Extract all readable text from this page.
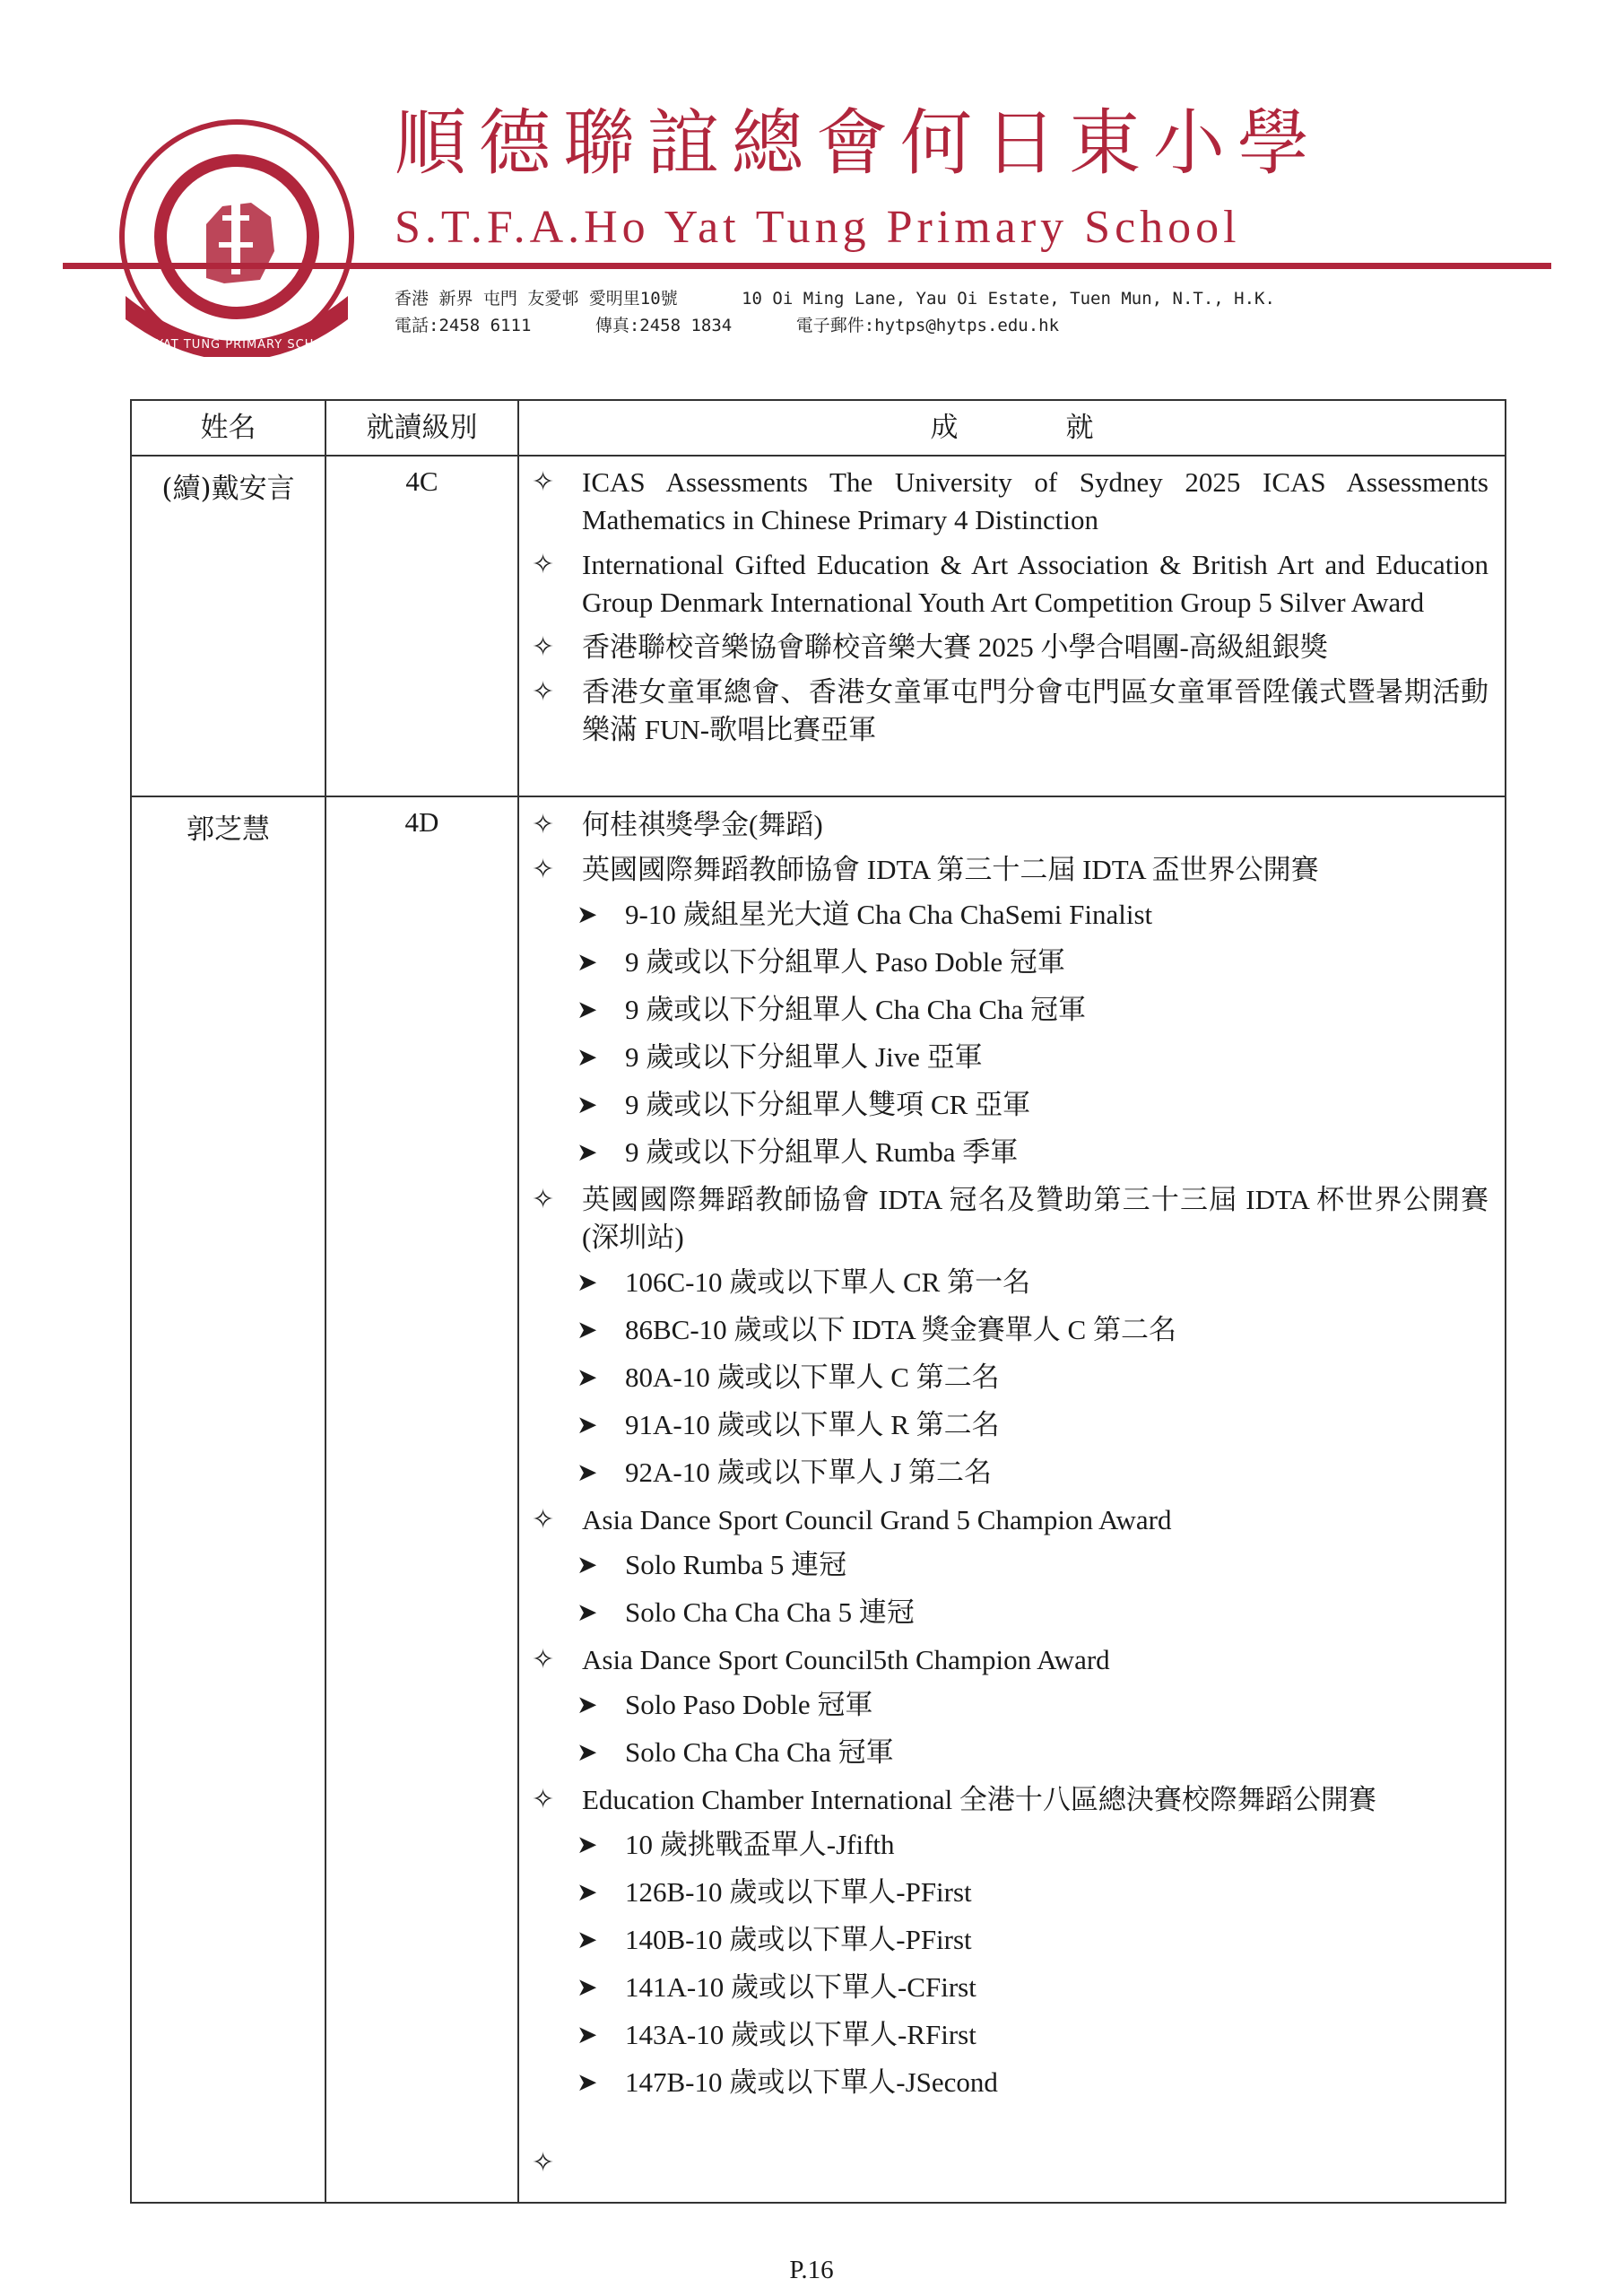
HO YAT TUNG PRIMARY SCHOOL
順德聯誼總會何日東小學
S.T.F.A.Ho Yat Tung Primary School
香港 新界 屯門 友愛邨 愛明里10號	10 Oi Ming Lane, Yau Oi Estate, Tuen Mun, N.T., H.K.
電話:2458 6111	傳真:2458 1834	電子郵件:hytps@hytps.edu.hk
姓名	就讀級別	成就
(續)戴安言	4C	✧ ICAS Assessments The University of Sydney 2025 ICAS Assessments Mathematics in Chinese Primary 4 Distinction
✧ International Gifted Education & Art Association & British Art and Education Group Denmark International Youth Art Competition Group 5 Silver Award
✧ 香港聯校音樂協會聯校音樂大賽 2025 小學合唱團-高級組銀獎
✧ 香港女童軍總會、香港女童軍屯門分會屯門區女童軍晉陞儀式暨暑期活動樂滿 FUN-歌唱比賽亞軍
郭芝慧	4D	✧ 何桂祺獎學金(舞蹈)
✧ 英國國際舞蹈教師協會 IDTA 第三十二屆 IDTA 盃世界公開賽
➤ 9-10 歲組星光大道 Cha Cha ChaSemi Finalist
➤ 9 歲或以下分組單人 Paso Doble 冠軍
➤ 9 歲或以下分組單人 Cha Cha Cha 冠軍
➤ 9 歲或以下分組單人 Jive 亞軍
➤ 9 歲或以下分組單人雙項 CR 亞軍
➤ 9 歲或以下分組單人 Rumba 季軍
✧ 英國國際舞蹈教師協會 IDTA 冠名及贊助第三十三屆 IDTA 杯世界公開賽(深圳站)
➤ 106C-10 歲或以下單人 CR 第一名
➤ 86BC-10 歲或以下 IDTA 獎金賽單人 C 第二名
➤ 80A-10 歲或以下單人 C 第二名
➤ 91A-10 歲或以下單人 R 第二名
➤ 92A-10 歲或以下單人 J 第二名
✧ Asia Dance Sport Council Grand 5 Champion Award
➤ Solo Rumba 5 連冠
➤ Solo Cha Cha Cha 5 連冠
✧ Asia Dance Sport Council5th Champion Award
➤ Solo Paso Doble 冠軍
➤ Solo Cha Cha Cha 冠軍
✧ Education Chamber International 全港十八區總決賽校際舞蹈公開賽
➤ 10 歲挑戰盃單人-Jfifth
➤ 126B-10 歲或以下單人-PFirst
➤ 140B-10 歲或以下單人-PFirst
➤ 141A-10 歲或以下單人-CFirst
➤ 143A-10 歲或以下單人-RFirst
➤ 147B-10 歲或以下單人-JSecond
✧
P.16
